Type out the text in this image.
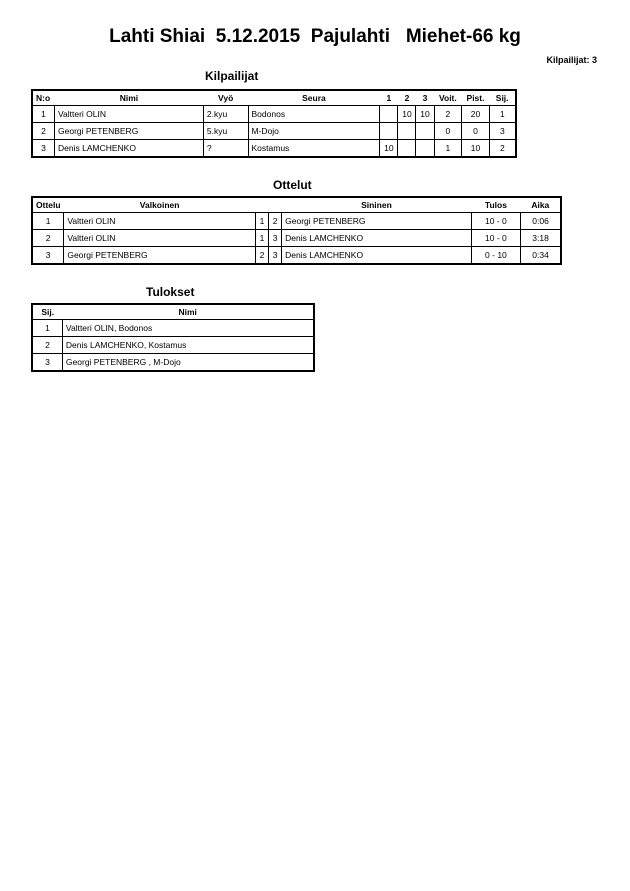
Lahti Shiai  5.12.2015  Pajulahti   Miehet-66 kg
Kilpailijat: 3
Kilpailijat
N:o	Nimi	Vyö	Seura	1	2	3	Voit.	Pist.	Sij.
1	Valtteri OLIN	2.kyu	Bodonos		10	10	2	20	1
2	Georgi PETENBERG	5.kyu	M-Dojo				0	0	3
3	Denis LAMCHENKO	?	Kostamus	10			1	10	2
Ottelut
Ottelu	Valkoinen			Sininen	Tulos	Aika
1	Valtteri OLIN	1	2	Georgi PETENBERG	10 - 0	0:06
2	Valtteri OLIN	1	3	Denis LAMCHENKO	10 - 0	3:18
3	Georgi PETENBERG	2	3	Denis LAMCHENKO	0 - 10	0:34
Tulokset
Sij.	Nimi
1	Valtteri OLIN, Bodonos
2	Denis LAMCHENKO, Kostamus
3	Georgi PETENBERG , M-Dojo
